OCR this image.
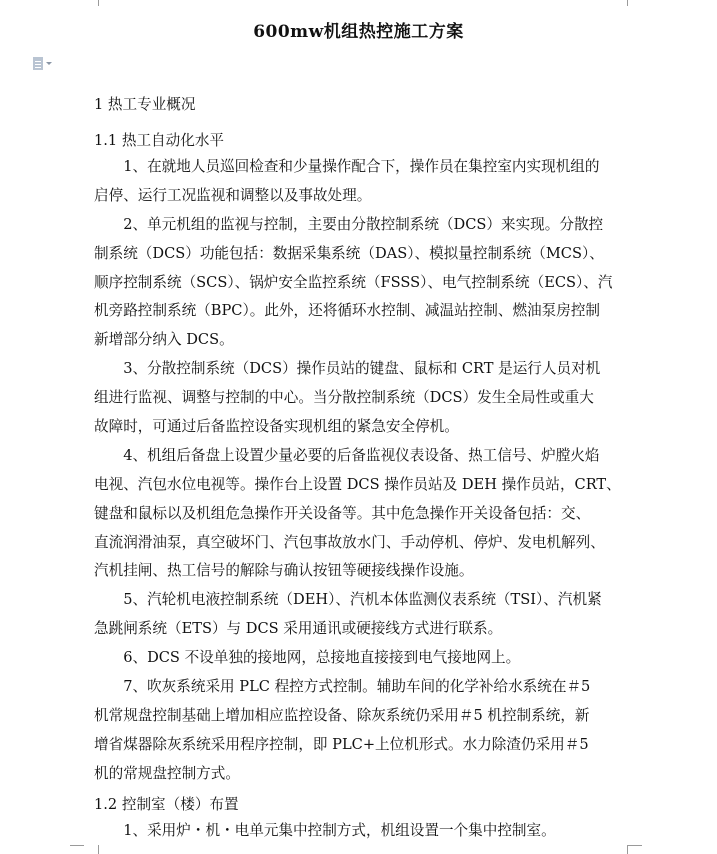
600mw机组热控施工方案

1 热工专业概况

1.1 热工自动化水平

1、在就地人员巡回检查和少量操作配合下，操作员在集控室内实现机组的
启停、运行工况监视和调整以及事故处理。
2、单元机组的监视与控制，主要由分散控制系统（DCS）来实现。分散控
制系统（DCS）功能包括：数据采集系统（DAS）、模拟量控制系统（MCS）、
顺序控制系统（SCS）、锅炉安全监控系统（FSSS）、电气控制系统（ECS）、汽
机旁路控制系统（BPC）。此外，还将循环水控制、减温站控制、燃油泵房控制
新增部分纳入 DCS。
3、分散控制系统（DCS）操作员站的键盘、鼠标和 CRT 是运行人员对机
组进行监视、调整与控制的中心。当分散控制系统（DCS）发生全局性或重大
故障时，可通过后备监控设备实现机组的紧急安全停机。
4、机组后备盘上设置少量必要的后备监视仪表设备、热工信号、炉膛火焰
电视、汽包水位电视等。操作台上设置 DCS 操作员站及 DEH 操作员站，CRT、
键盘和鼠标以及机组危急操作开关设备等。其中危急操作开关设备包括：交、
直流润滑油泵，真空破坏门、汽包事故放水门、手动停机、停炉、发电机解列、
汽机挂闸、热工信号的解除与确认按钮等硬接线操作设施。
5、汽轮机电液控制系统（DEH）、汽机本体监测仪表系统（TSI）、汽机紧
急跳闸系统（ETS）与 DCS 采用通讯或硬接线方式进行联系。
6、DCS 不设单独的接地网，总接地直接接到电气接地网上。
7、吹灰系统采用 PLC 程控方式控制。辅助车间的化学补给水系统在＃5
机常规盘控制基础上增加相应监控设备、除灰系统仍采用＃5 机控制系统，新
增省煤器除灰系统采用程序控制，即 PLC+上位机形式。水力除渣仍采用＃5
机的常规盘控制方式。

1.2 控制室（楼）布置

1、采用炉・机・电单元集中控制方式，机组设置一个集中控制室。
